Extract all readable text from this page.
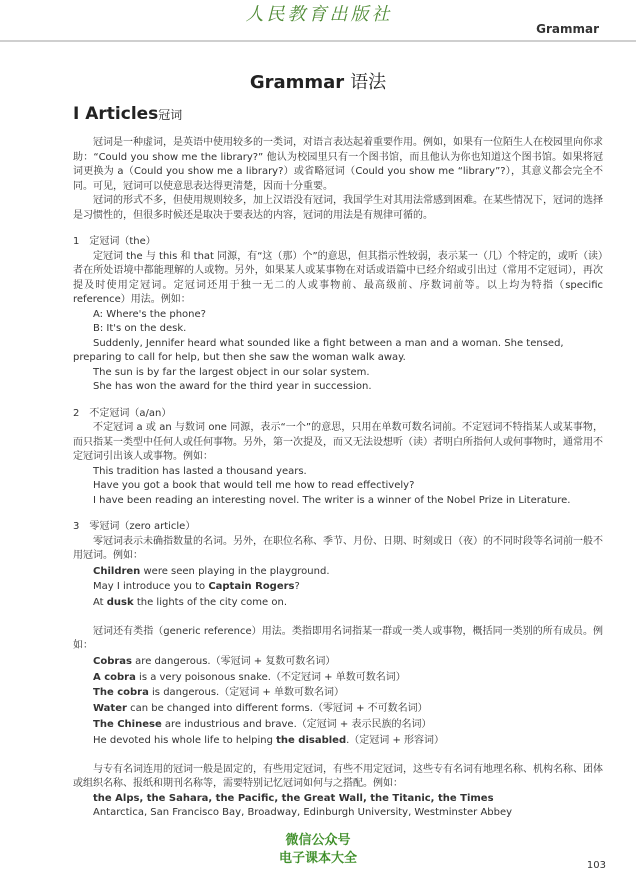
人民教育出版社
Grammar
Grammar 语法
I Articles冠词

冠词是一种虚词，是英语中使用较多的一类词，对语言表达起着重要作用。例如，如果有一位陌生人在校园里向你求助：“Could you show me the library?” 他认为校园里只有一个图书馆，而且他认为你也知道这个图书馆。如果将冠词更换为 a（Could you show me a library?）或省略冠词（Could you show me “library”?），其意义都会完全不同。可见，冠词可以使意思表达得更清楚，因而十分重要。

冠词的形式不多，但使用规则较多，加上汉语没有冠词，我国学生对其用法常感到困难。在某些情况下，冠词的选择是习惯性的，但很多时候还是取决于要表达的内容，冠词的用法是有规律可循的。

1　定冠词（the）

定冠词 the 与 this 和 that 同源，有“这（那）个”的意思，但其指示性较弱，表示某一（几）个特定的，或听（读）者在所处语境中都能理解的人或物。另外，如果某人或某事物在对话或语篇中已经介绍或引出过（常用不定冠词），再次提及时使用定冠词。定冠词还用于独一无二的人或事物前、最高级前、序数词前等。以上均为特指（specific reference）用法。例如：

A: Where's the phone?

B: It's on the desk.

Suddenly, Jennifer heard what sounded like a fight between a man and a woman. She tensed, preparing to call for help, but then she saw the woman walk away.

The sun is by far the largest object in our solar system.

She has won the award for the third year in succession.

2　不定冠词（a/an）

不定冠词 a 或 an 与数词 one 同源，表示“一个”的意思，只用在单数可数名词前。不定冠词不特指某人或某事物，而只指某一类型中任何人或任何事物。另外，第一次提及，而又无法设想听（读）者明白所指何人或何事物时，通常用不定冠词引出该人或事物。例如：

This tradition has lasted a thousand years.

Have you got a book that would tell me how to read effectively?

I have been reading an interesting novel. The writer is a winner of the Nobel Prize in Literature.

3　零冠词（zero article）

零冠词表示未确指数量的名词。另外，在职位名称、季节、月份、日期、时刻或日（夜）的不同时段等名词前一般不用冠词。例如：

Children were seen playing in the playground.

May I introduce you to Captain Rogers?

At dusk the lights of the city come on.

冠词还有类指（generic reference）用法。类指即用名词指某一群或一类人或事物，概括同一类别的所有成员。例如：

Cobras are dangerous.（零冠词 + 复数可数名词）

A cobra is a very poisonous snake.（不定冠词 + 单数可数名词）

The cobra is dangerous.（定冠词 + 单数可数名词）

Water can be changed into different forms.（零冠词 + 不可数名词）

The Chinese are industrious and brave.（定冠词 + 表示民族的名词）

He devoted his whole life to helping the disabled.（定冠词 + 形容词）

与专有名词连用的冠词一般是固定的，有些用定冠词，有些不用定冠词，这些专有名词有地理名称、机构名称、团体或组织名称、报纸和期刊名称等，需要特别记忆冠词如何与之搭配。例如：

the Alps, the Sahara, the Pacific, the Great Wall, the Titanic, the Times

Antarctica, San Francisco Bay, Broadway, Edinburgh University, Westminster Abbey

微信公众号
电子课本大全	103
